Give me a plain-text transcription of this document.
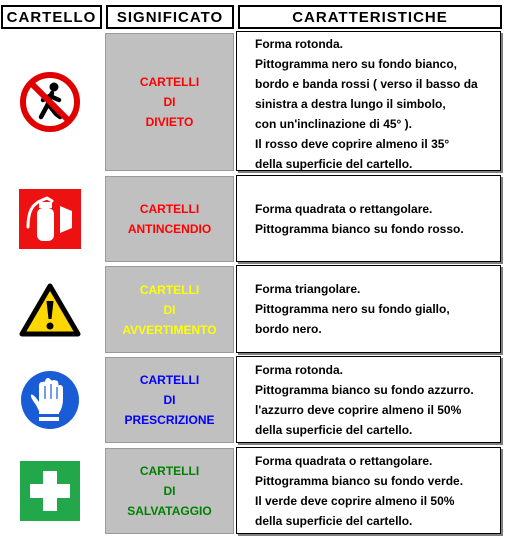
CARTELLO	SIGNIFICATO	CARATTERISTICHE
CARTELLI
DI
DIVIETO
Forma rotonda.
Pittogramma nero su fondo bianco,
bordo e banda rossi ( verso il basso da
sinistra a destra lungo il simbolo,
con un'inclinazione di 45° ).
Il rosso deve coprire almeno il 35°
della superficie del cartello.
CARTELLI
ANTINCENDIO
Forma quadrata o rettangolare.
Pittogramma bianco su fondo rosso.
CARTELLI
DI
AVVERTIMENTO
Forma triangolare.
Pittogramma nero su fondo giallo,
bordo nero.
CARTELLI
DI
PRESCRIZIONE
Forma rotonda.
Pittogramma bianco su fondo azzurro.
l'azzurro deve coprire almeno il 50%
della superficie del cartello.
CARTELLI
DI
SALVATAGGIO
Forma quadrata o rettangolare.
Pittogramma bianco su fondo verde.
Il verde deve coprire almeno il 50%
della superficie del cartello.
